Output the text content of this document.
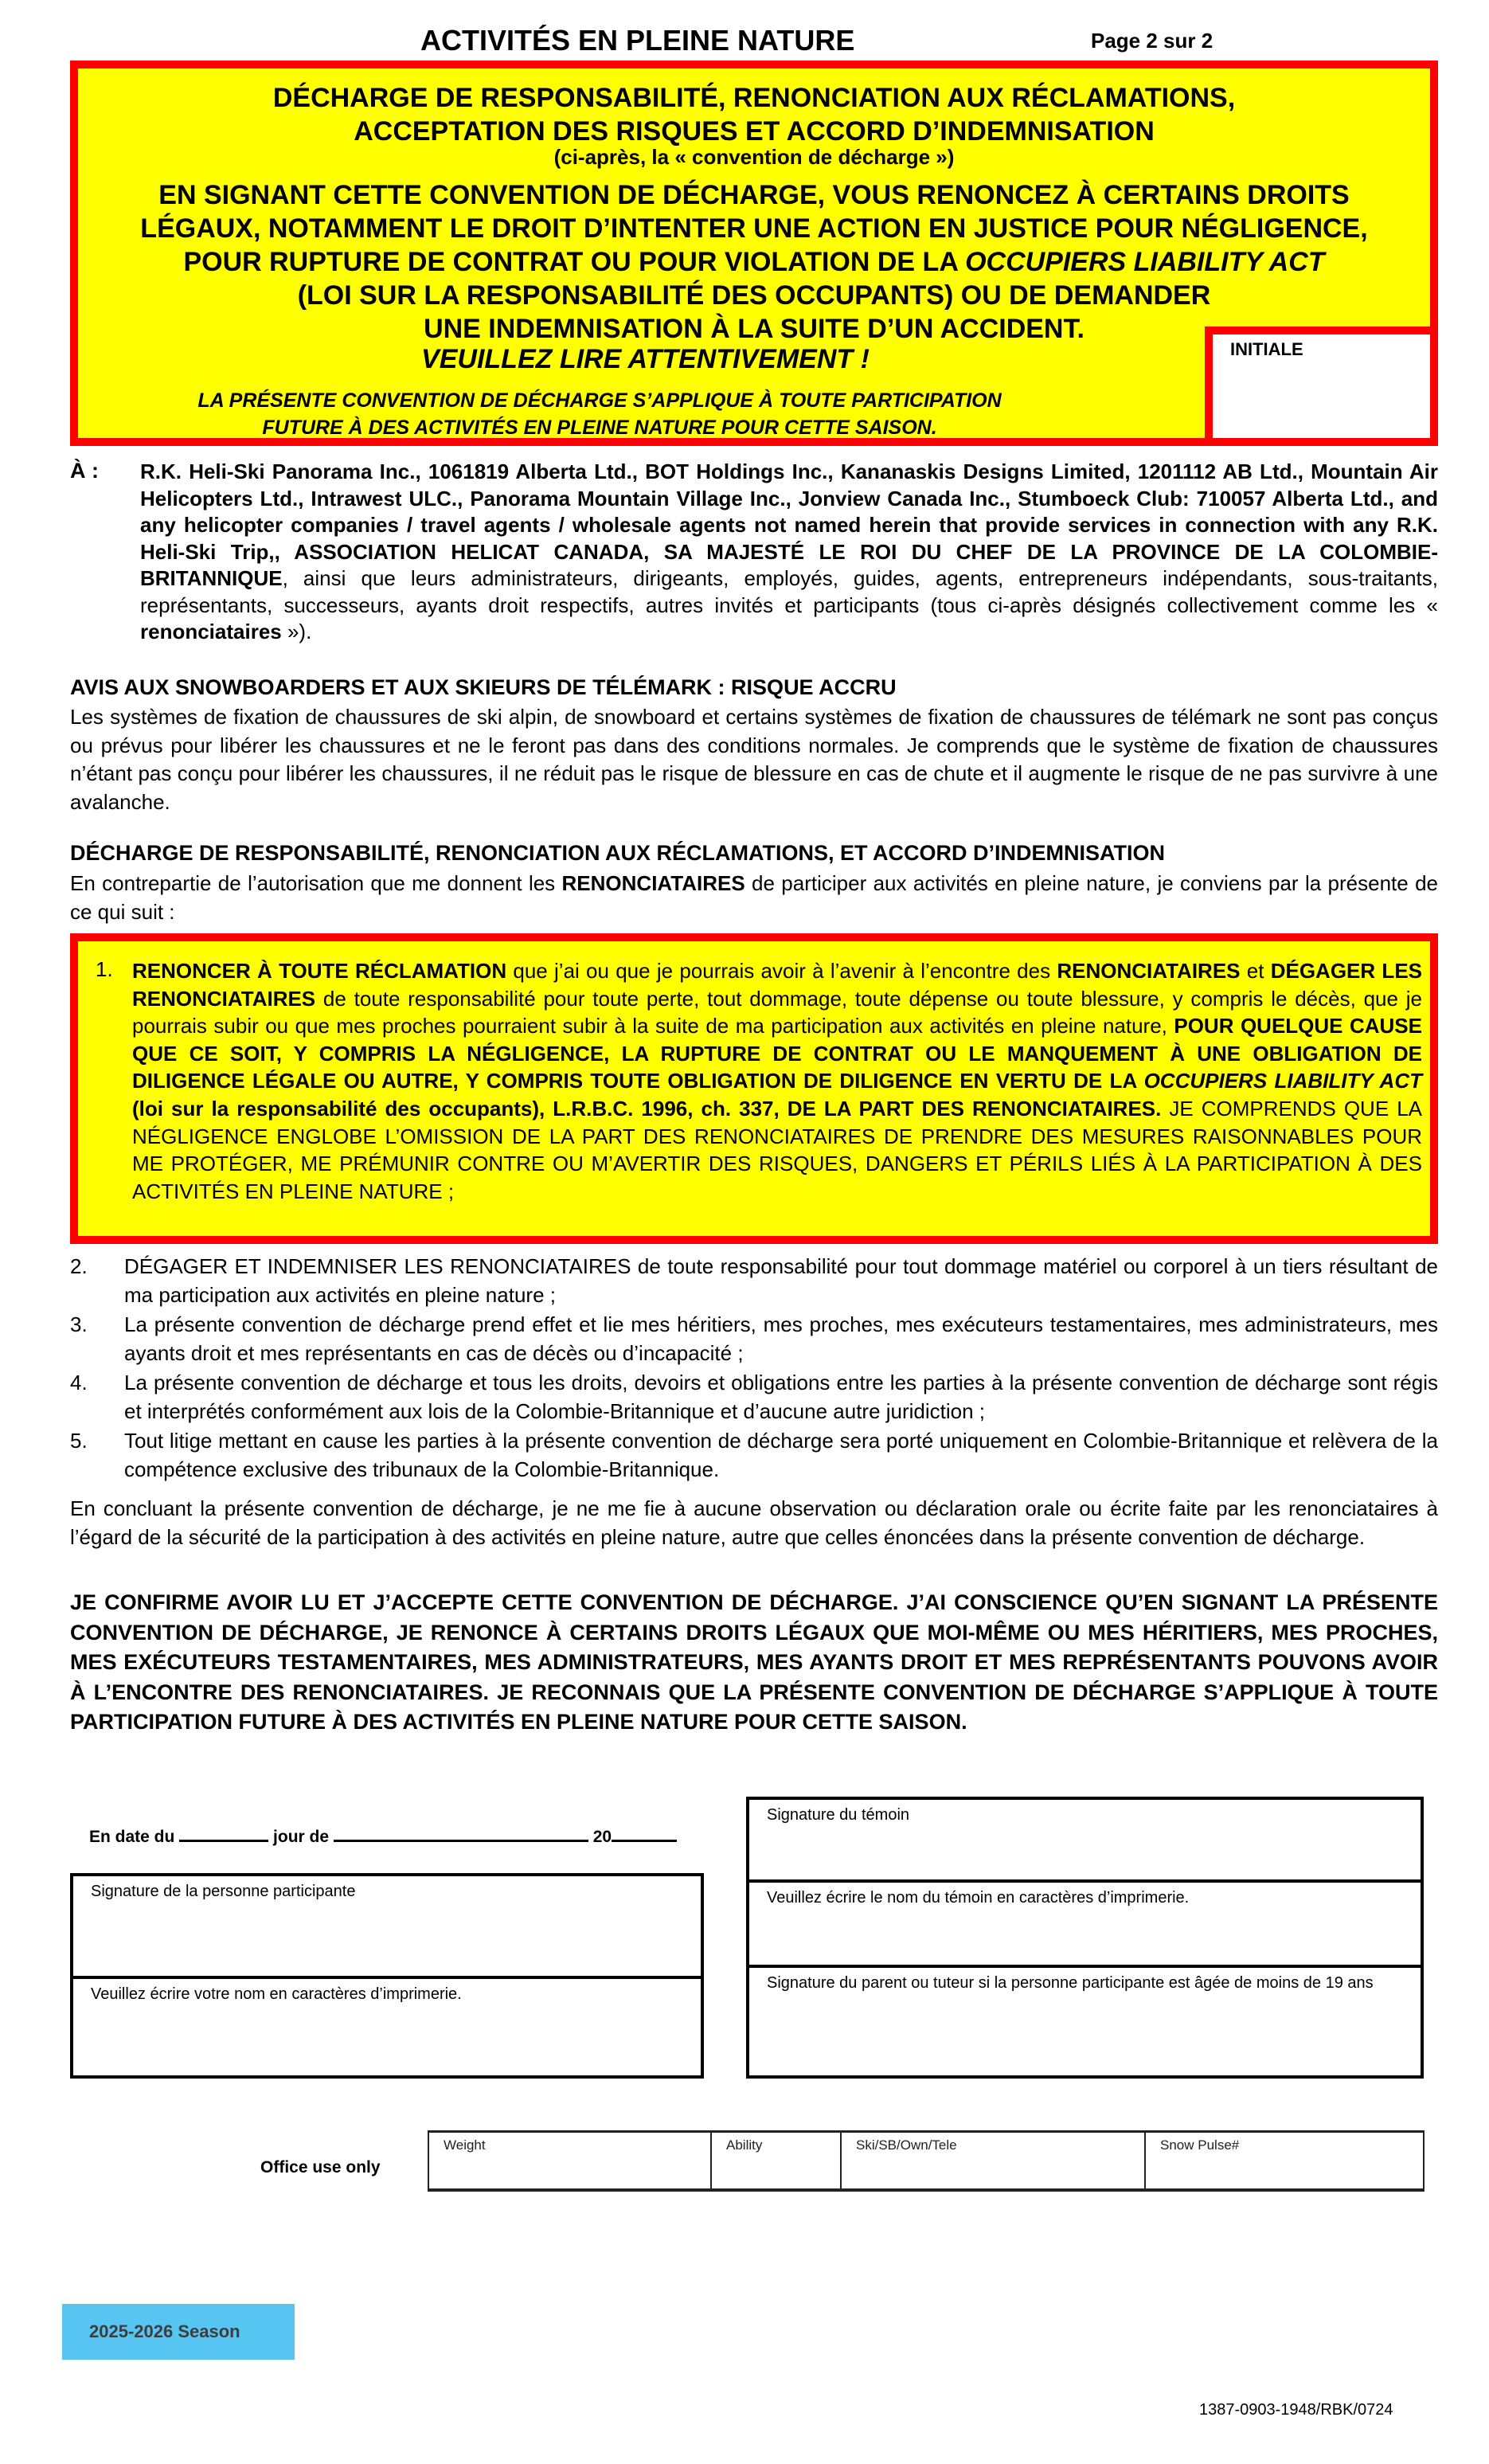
ACTIVITÉS EN PLEINE NATURE	Page 2 sur 2
DÉCHARGE DE RESPONSABILITÉ, RENONCIATION AUX RÉCLAMATIONS,
ACCEPTATION DES RISQUES ET ACCORD D’INDEMNISATION
(ci-après, la « convention de décharge »)
EN SIGNANT CETTE CONVENTION DE DÉCHARGE, VOUS RENONCEZ À CERTAINS DROITS
LÉGAUX, NOTAMMENT LE DROIT D’INTENTER UNE ACTION EN JUSTICE POUR NÉGLIGENCE,
POUR RUPTURE DE CONTRAT OU POUR VIOLATION DE LA OCCUPIERS LIABILITY ACT
(LOI SUR LA RESPONSABILITÉ DES OCCUPANTS) OU DE DEMANDER
UNE INDEMNISATION À LA SUITE D’UN ACCIDENT.
VEUILLEZ LIRE ATTENTIVEMENT !
LA PRÉSENTE CONVENTION DE DÉCHARGE S’APPLIQUE À TOUTE PARTICIPATION
FUTURE À DES ACTIVITÉS EN PLEINE NATURE POUR CETTE SAISON.
INITIALE
À : R.K. Heli-Ski Panorama Inc., 1061819 Alberta Ltd., BOT Holdings Inc., Kananaskis Designs Limited, 1201112 AB Ltd., Mountain Air Helicopters Ltd., Intrawest ULC., Panorama Mountain Village Inc., Jonview Canada Inc., Stumboeck Club: 710057 Alberta Ltd., and any helicopter companies / travel agents / wholesale agents not named herein that provide services in connection with any R.K. Heli-Ski Trip,, ASSOCIATION HELICAT CANADA, SA MAJESTÉ LE ROI DU CHEF DE LA PROVINCE DE LA COLOMBIE-BRITANNIQUE, ainsi que leurs administrateurs, dirigeants, employés, guides, agents, entrepreneurs indépendants, sous-traitants, représentants, successeurs, ayants droit respectifs, autres invités et participants (tous ci-après désignés collectivement comme les « renonciataires »).
AVIS AUX SNOWBOARDERS ET AUX SKIEURS DE TÉLÉMARK : RISQUE ACCRU
Les systèmes de fixation de chaussures de ski alpin, de snowboard et certains systèmes de fixation de chaussures de télémark ne sont pas conçus ou prévus pour libérer les chaussures et ne le feront pas dans des conditions normales. Je comprends que le système de fixation de chaussures n’étant pas conçu pour libérer les chaussures, il ne réduit pas le risque de blessure en cas de chute et il augmente le risque de ne pas survivre à une avalanche.
DÉCHARGE DE RESPONSABILITÉ, RENONCIATION AUX RÉCLAMATIONS, ET ACCORD D’INDEMNISATION
En contrepartie de l’autorisation que me donnent les RENONCIATAIRES de participer aux activités en pleine nature, je conviens par la présente de ce qui suit :
1. RENONCER À TOUTE RÉCLAMATION que j’ai ou que je pourrais avoir à l’avenir à l’encontre des RENONCIATAIRES et DÉGAGER LES RENONCIATAIRES de toute responsabilité pour toute perte, tout dommage, toute dépense ou toute blessure, y compris le décès, que je pourrais subir ou que mes proches pourraient subir à la suite de ma participation aux activités en pleine nature, POUR QUELQUE CAUSE QUE CE SOIT, Y COMPRIS LA NÉGLIGENCE, LA RUPTURE DE CONTRAT OU LE MANQUEMENT À UNE OBLIGATION DE DILIGENCE LÉGALE OU AUTRE, Y COMPRIS TOUTE OBLIGATION DE DILIGENCE EN VERTU DE LA OCCUPIERS LIABILITY ACT (loi sur la responsabilité des occupants), L.R.B.C. 1996, ch. 337, DE LA PART DES RENONCIATAIRES. JE COMPRENDS QUE LA NÉGLIGENCE ENGLOBE L’OMISSION DE LA PART DES RENONCIATAIRES DE PRENDRE DES MESURES RAISONNABLES POUR ME PROTÉGER, ME PRÉMUNIR CONTRE OU M’AVERTIR DES RISQUES, DANGERS ET PÉRILS LIÉS À LA PARTICIPATION À DES ACTIVITÉS EN PLEINE NATURE ;
2. DÉGAGER ET INDEMNISER LES RENONCIATAIRES de toute responsabilité pour tout dommage matériel ou corporel à un tiers résultant de ma participation aux activités en pleine nature ;
3. La présente convention de décharge prend effet et lie mes héritiers, mes proches, mes exécuteurs testamentaires, mes administrateurs, mes ayants droit et mes représentants en cas de décès ou d’incapacité ;
4. La présente convention de décharge et tous les droits, devoirs et obligations entre les parties à la présente convention de décharge sont régis et interprétés conformément aux lois de la Colombie-Britannique et d’aucune autre juridiction ;
5. Tout litige mettant en cause les parties à la présente convention de décharge sera porté uniquement en Colombie-Britannique et relèvera de la compétence exclusive des tribunaux de la Colombie-Britannique.
En concluant la présente convention de décharge, je ne me fie à aucune observation ou déclaration orale ou écrite faite par les renonciataires à l’égard de la sécurité de la participation à des activités en pleine nature, autre que celles énoncées dans la présente convention de décharge.
JE CONFIRME AVOIR LU ET J’ACCEPTE CETTE CONVENTION DE DÉCHARGE. J’AI CONSCIENCE QU’EN SIGNANT LA PRÉSENTE CONVENTION DE DÉCHARGE, JE RENONCE À CERTAINS DROITS LÉGAUX QUE MOI-MÊME OU MES HÉRITIERS, MES PROCHES, MES EXÉCUTEURS TESTAMENTAIRES, MES ADMINISTRATEURS, MES AYANTS DROIT ET MES REPRÉSENTANTS POUVONS AVOIR À L’ENCONTRE DES RENONCIATAIRES. JE RECONNAIS QUE LA PRÉSENTE CONVENTION DE DÉCHARGE S’APPLIQUE À TOUTE PARTICIPATION FUTURE À DES ACTIVITÉS EN PLEINE NATURE POUR CETTE SAISON.
En date du	jour de	20
Signature de la personne participante
Veuillez écrire votre nom en caractères d’imprimerie.
Signature du témoin
Veuillez écrire le nom du témoin en caractères d’imprimerie.
Signature du parent ou tuteur si la personne participante est âgée de moins de 19 ans
Office use only
Weight	Ability	Ski/SB/Own/Tele	Snow Pulse#
2025-2026 Season
1387-0903-1948/RBK/0724
